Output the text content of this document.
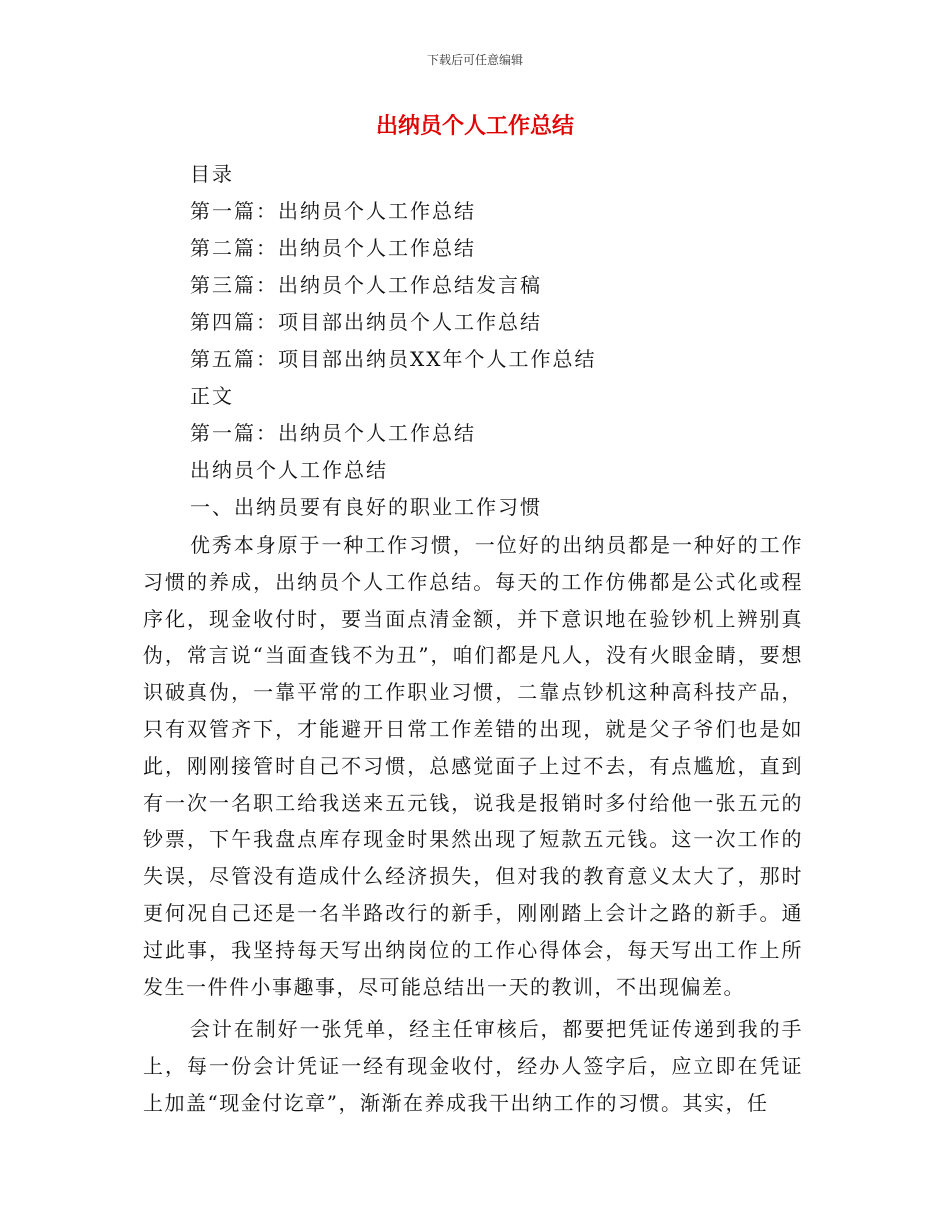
下载后可任意编辑
出纳员个人工作总结
目录
第一篇：出纳员个人工作总结
第二篇：出纳员个人工作总结
第三篇：出纳员个人工作总结发言稿
第四篇：项目部出纳员个人工作总结
第五篇：项目部出纳员XX年个人工作总结
正文
第一篇：出纳员个人工作总结
出纳员个人工作总结
一、出纳员要有良好的职业工作习惯
优秀本身原于一种工作习惯，一位好的出纳员都是一种好的工作习惯的养成，出纳员个人工作总结。每天的工作仿佛都是公式化或程序化，现金收付时，要当面点清金额，并下意识地在验钞机上辨别真伪，常言说“当面查钱不为丑”，咱们都是凡人，没有火眼金睛，要想识破真伪，一靠平常的工作职业习惯，二靠点钞机这种高科技产品，只有双管齐下，才能避开日常工作差错的出现，就是父子爷们也是如此，刚刚接管时自己不习惯，总感觉面子上过不去，有点尴尬，直到有一次一名职工给我送来五元钱，说我是报销时多付给他一张五元的钞票，下午我盘点库存现金时果然出现了短款五元钱。这一次工作的失误，尽管没有造成什么经济损失，但对我的教育意义太大了，那时更何况自己还是一名半路改行的新手，刚刚踏上会计之路的新手。通过此事，我坚持每天写出纳岗位的工作心得体会，每天写出工作上所发生一件件小事趣事，尽可能总结出一天的教训，不出现偏差。
会计在制好一张凭单，经主任审核后，都要把凭证传递到我的手上，每一份会计凭证一经有现金收付，经办人签字后，应立即在凭证上加盖“现金付讫章”，渐渐在养成我干出纳工作的习惯。其实，任
